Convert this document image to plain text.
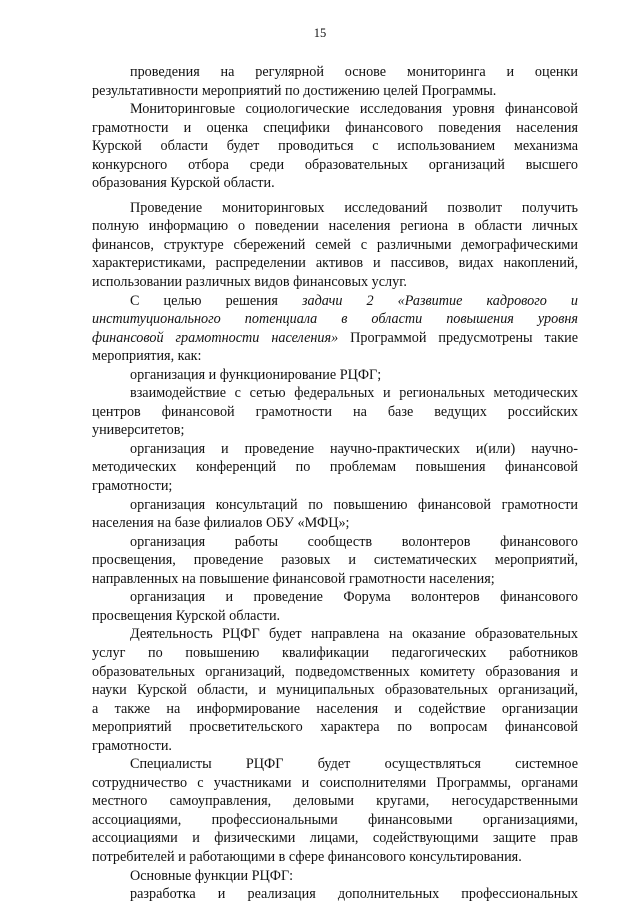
15

проведения на регулярной основе мониторинга и оценки
результативности мероприятий по достижению целей Программы.

Мониторинговые социологические исследования уровня финансовой
грамотности и оценка специфики финансового поведения населения
Курской области будет проводиться с использованием механизма
конкурсного отбора среди образовательных организаций высшего
образования Курской области.

Проведение мониторинговых исследований позволит получить
полную информацию о поведении населения региона в области личных
финансов, структуре сбережений семей с различными демографическими
характеристиками, распределении активов и пассивов, видах накоплений,
использовании различных видов финансовых услуг.

С целью решения задачи 2 «Развитие кадрового и
институционального потенциала в области повышения уровня
финансовой грамотности населения» Программой предусмотрены такие
мероприятия, как:

организация и функционирование РЦФГ;

взаимодействие с сетью федеральных и региональных методических
центров финансовой грамотности на базе ведущих российских
университетов;

организация и проведение научно-практических и(или) научно-
методических конференций по проблемам повышения финансовой
грамотности;

организация консультаций по повышению финансовой грамотности
населения на базе филиалов ОБУ «МФЦ»;

организация работы сообществ волонтеров финансового
просвещения, проведение разовых и систематических мероприятий,
направленных на повышение финансовой грамотности населения;

организация и проведение Форума волонтеров финансового
просвещения Курской области.

Деятельность РЦФГ будет направлена на оказание образовательных
услуг по повышению квалификации педагогических работников
образовательных организаций, подведомственных комитету образования и
науки Курской области, и муниципальных образовательных организаций,
а также на информирование населения и содействие организации
мероприятий просветительского характера по вопросам финансовой
грамотности.

Специалисты РЦФГ будет осуществляться системное
сотрудничество с участниками и соисполнителями Программы, органами
местного самоуправления, деловыми кругами, негосударственными
ассоциациями, профессиональными финансовыми организациями,
ассоциациями и физическими лицами, содействующими защите прав
потребителей и работающими в сфере финансового консультирования.

Основные функции РЦФГ:

разработка и реализация дополнительных профессиональных
